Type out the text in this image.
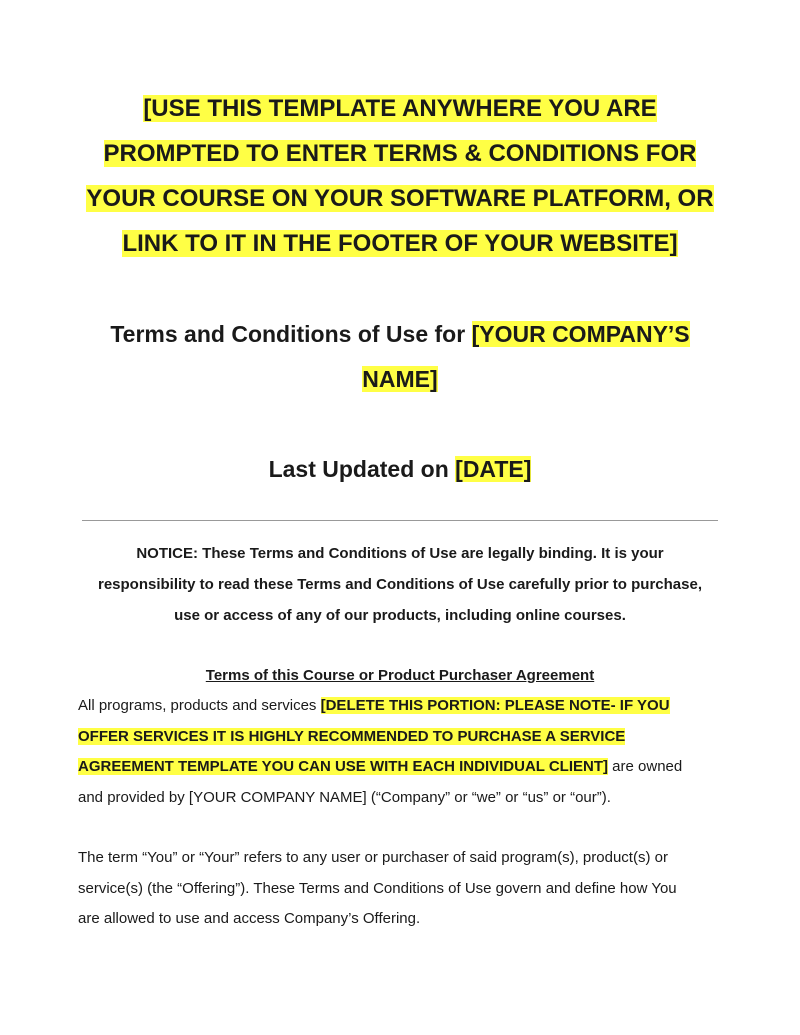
[USE THIS TEMPLATE ANYWHERE YOU ARE
PROMPTED TO ENTER TERMS & CONDITIONS FOR
YOUR COURSE ON YOUR SOFTWARE PLATFORM, OR
LINK TO IT IN THE FOOTER OF YOUR WEBSITE]
Terms and Conditions of Use for [YOUR COMPANY’S
NAME]
Last Updated on [DATE]
NOTICE: These Terms and Conditions of Use are legally binding. It is your
responsibility to read these Terms and Conditions of Use carefully prior to purchase,
use or access of any of our products, including online courses.
Terms of this Course or Product Purchaser Agreement
All programs, products and services [DELETE THIS PORTION: PLEASE NOTE- IF YOU
OFFER SERVICES IT IS HIGHLY RECOMMENDED TO PURCHASE A SERVICE
AGREEMENT TEMPLATE YOU CAN USE WITH EACH INDIVIDUAL CLIENT] are owned
and provided by [YOUR COMPANY NAME] (“Company” or “we” or “us” or “our”).
The term “You” or “Your” refers to any user or purchaser of said program(s), product(s) or
service(s) (the “Offering”). These Terms and Conditions of Use govern and define how You
are allowed to use and access Company’s Offering.
